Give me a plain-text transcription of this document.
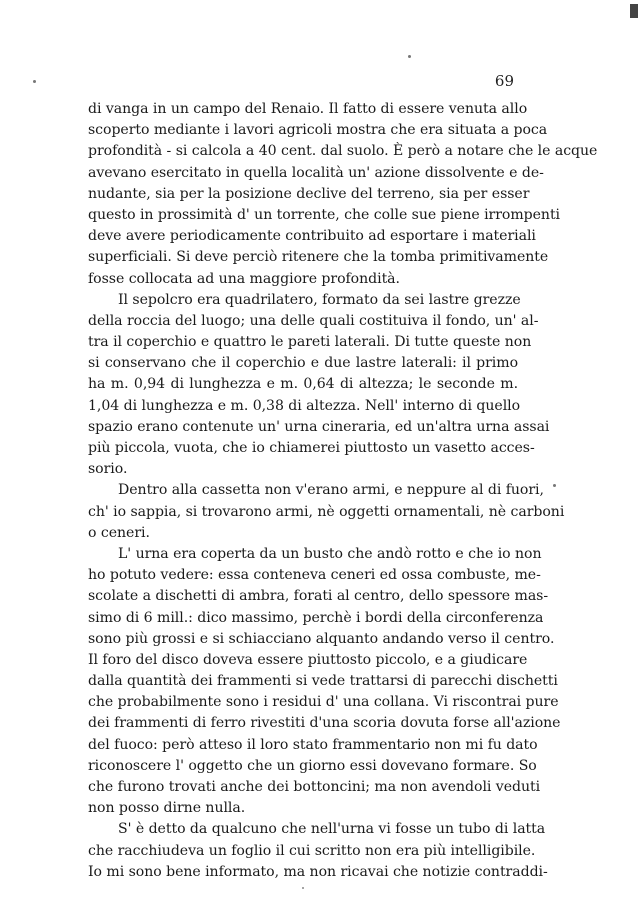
69
di vanga in un campo del Renaio. Il fatto di essere venuta allo
scoperto mediante i lavori agricoli mostra che era situata a poca
profondità - si calcola a 40 cent. dal suolo. È però a notare che le acque
avevano esercitato in quella località un' azione dissolvente e de-
nudante, sia per la posizione declive del terreno, sia per esser
questo in prossimità d' un torrente, che colle sue piene irrompenti
deve avere periodicamente contribuito ad esportare i materiali
superficiali. Si deve perciò ritenere che la tomba primitivamente
fosse collocata ad una maggiore profondità.
Il sepolcro era quadrilatero, formato da sei lastre grezze
della roccia del luogo; una delle quali costituiva il fondo, un' al-
tra il coperchio e quattro le pareti laterali. Di tutte queste non
si conservano che il coperchio e due lastre laterali: il primo
ha m. 0,94 di lunghezza e m. 0,64 di altezza; le seconde m.
1,04 di lunghezza e m. 0,38 di altezza. Nell' interno di quello
spazio erano contenute un' urna cineraria, ed un'altra urna assai
più piccola, vuota, che io chiamerei piuttosto un vasetto acces-
sorio.
Dentro alla cassetta non v'erano armi, e neppure al di fuori,
ch' io sappia, si trovarono armi, nè oggetti ornamentali, nè carboni
o ceneri.
L' urna era coperta da un busto che andò rotto e che io non
ho potuto vedere: essa conteneva ceneri ed ossa combuste, me-
scolate a dischetti di ambra, forati al centro, dello spessore mas-
simo di 6 mill.: dico massimo, perchè i bordi della circonferenza
sono più grossi e si schiacciano alquanto andando verso il centro.
Il foro del disco doveva essere piuttosto piccolo, e a giudicare
dalla quantità dei frammenti si vede trattarsi di parecchi dischetti
che probabilmente sono i residui d' una collana. Vi riscontrai pure
dei frammenti di ferro rivestiti d'una scoria dovuta forse all'azione
del fuoco: però atteso il loro stato frammentario non mi fu dato
riconoscere l' oggetto che un giorno essi dovevano formare. So
che furono trovati anche dei bottoncini; ma non avendoli veduti
non posso dirne nulla.
S' è detto da qualcuno che nell'urna vi fosse un tubo di latta
che racchiudeva un foglio il cui scritto non era più intelligibile.
Io mi sono bene informato, ma non ricavai che notizie contraddi-
